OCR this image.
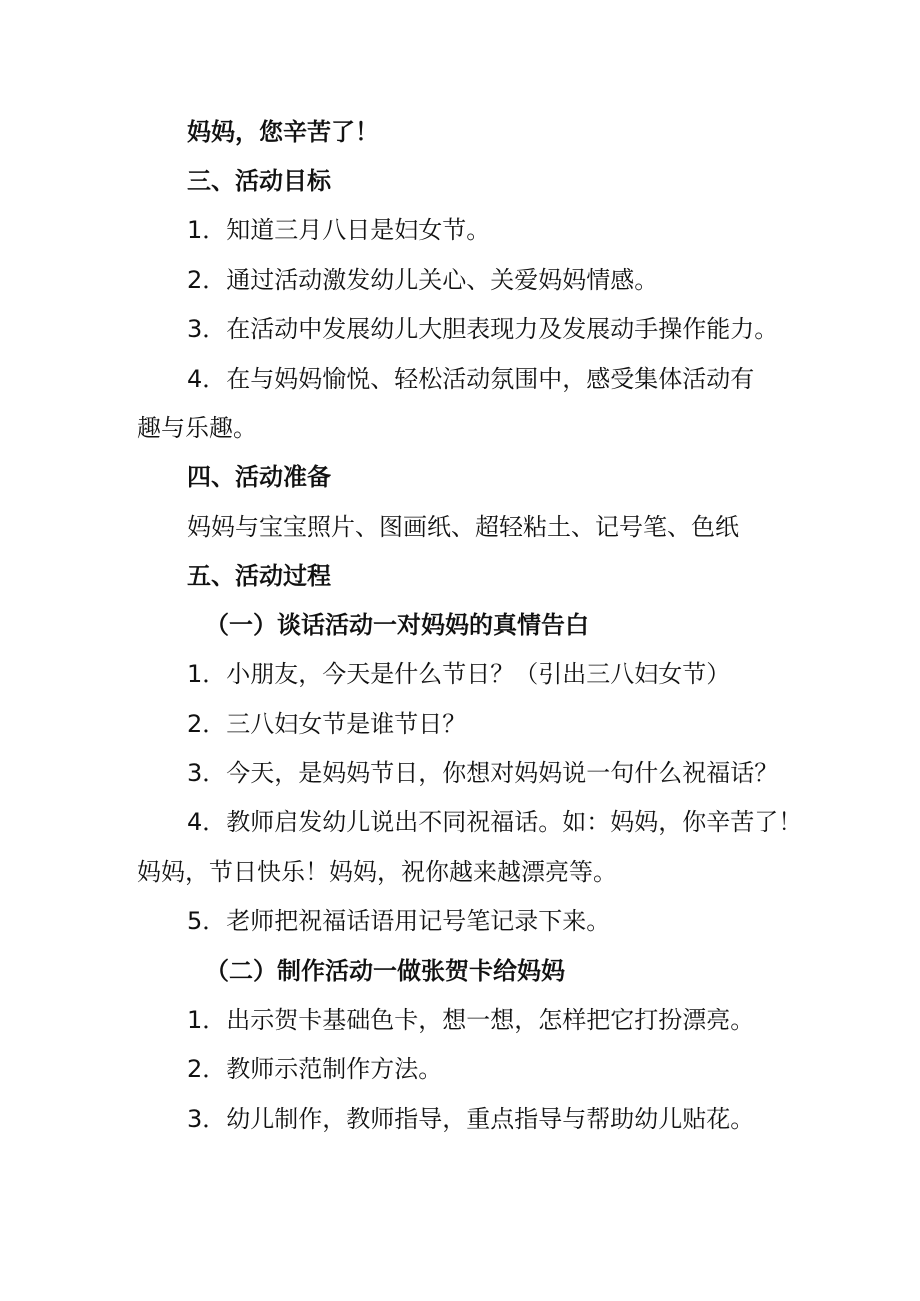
妈妈，您辛苦了！
三、活动目标
1．知道三月八日是妇女节。
2．通过活动激发幼儿关心、关爱妈妈情感。
3．在活动中发展幼儿大胆表现力及发展动手操作能力。
4．在与妈妈愉悦、轻松活动氛围中，感受集体活动有
趣与乐趣。
四、活动准备
妈妈与宝宝照片、图画纸、超轻粘土、记号笔、色纸
五、活动过程
（一）谈话活动一对妈妈的真情告白
1．小朋友，今天是什么节日？（引出三八妇女节）
2．三八妇女节是谁节日？
3．今天，是妈妈节日，你想对妈妈说一句什么祝福话？
4．教师启发幼儿说出不同祝福话。如：妈妈，你辛苦了！
妈妈，节日快乐！妈妈，祝你越来越漂亮等。
5．老师把祝福话语用记号笔记录下来。
（二）制作活动一做张贺卡给妈妈
1．出示贺卡基础色卡，想一想，怎样把它打扮漂亮。
2．教师示范制作方法。
3．幼儿制作，教师指导，重点指导与帮助幼儿贴花。
